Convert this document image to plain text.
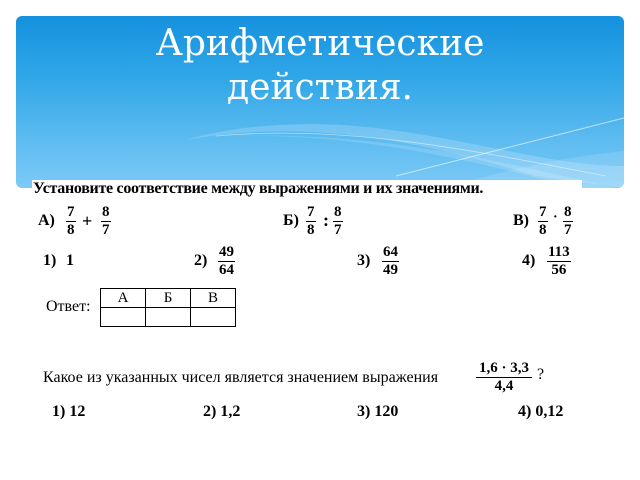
Арифметические
действия.
Установите соответствие между выражениями и их значениями.
$А) \frac{7}{8} + \frac{8}{7}$	$Б) \frac{7}{8}$ : $\frac{8}{7}$	$В) \frac{7}{8} \cdot \frac{8}{7}$
1) 1	$2) \frac{49}{64}$	$3) \frac{64}{49}$	$4) \frac{113}{56}$
Ответ:
А	Б	В

Какое из указанных чисел является значением выражения	$\frac{1,6 \cdot 3,3}{4,4}$ ?
1) 12	2) 1,2	3) 120	4) 0,12
